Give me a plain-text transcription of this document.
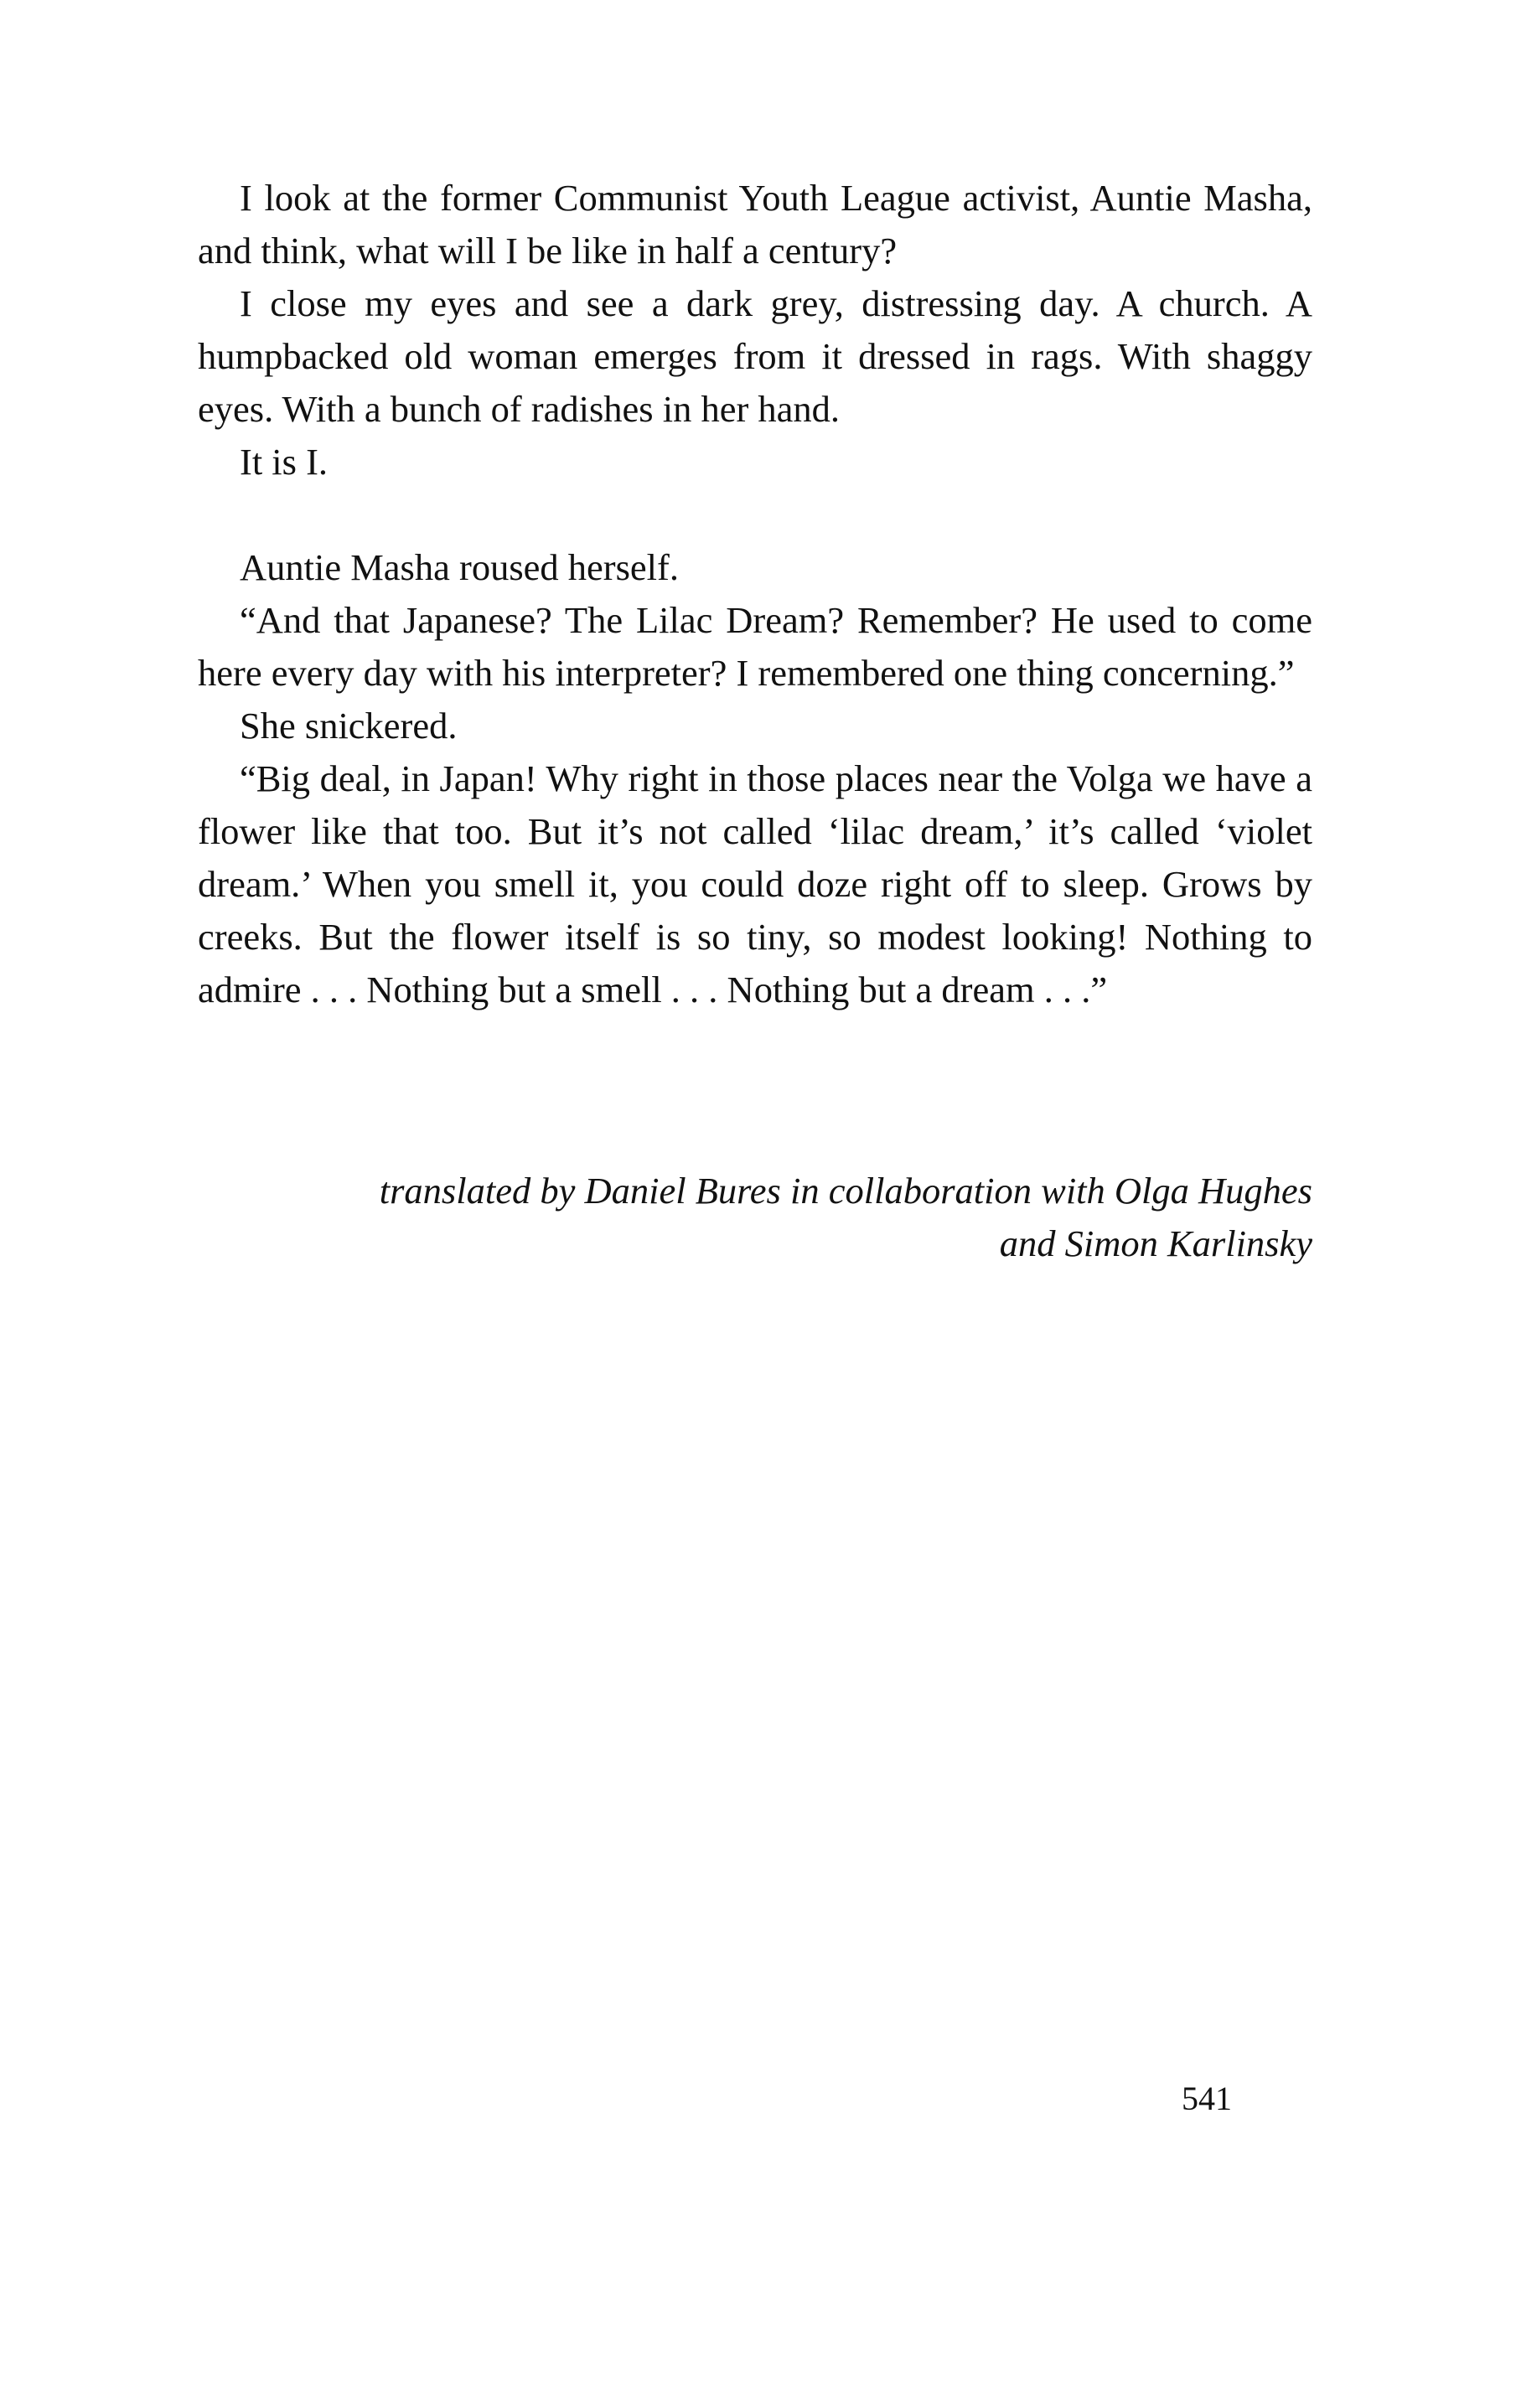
I look at the former Communist Youth League activist, Auntie Masha, and think, what will I be like in half a century?

I close my eyes and see a dark grey, distressing day. A church. A humpbacked old woman emerges from it dressed in rags. With shaggy eyes. With a bunch of radishes in her hand.

It is I.

Auntie Masha roused herself.

“And that Japanese? The Lilac Dream? Remember? He used to come here every day with his interpreter? I remembered one thing concerning.”

She snickered.

“Big deal, in Japan! Why right in those places near the Volga we have a flower like that too. But it’s not called ‘lilac dream,’ it’s called ‘violet dream.’ When you smell it, you could doze right off to sleep. Grows by creeks. But the flower itself is so tiny, so modest looking! Nothing to admire . . . Nothing but a smell . . . Nothing but a dream . . .”

translated by Daniel Bures in collaboration with Olga Hughes
and Simon Karlinsky
541
